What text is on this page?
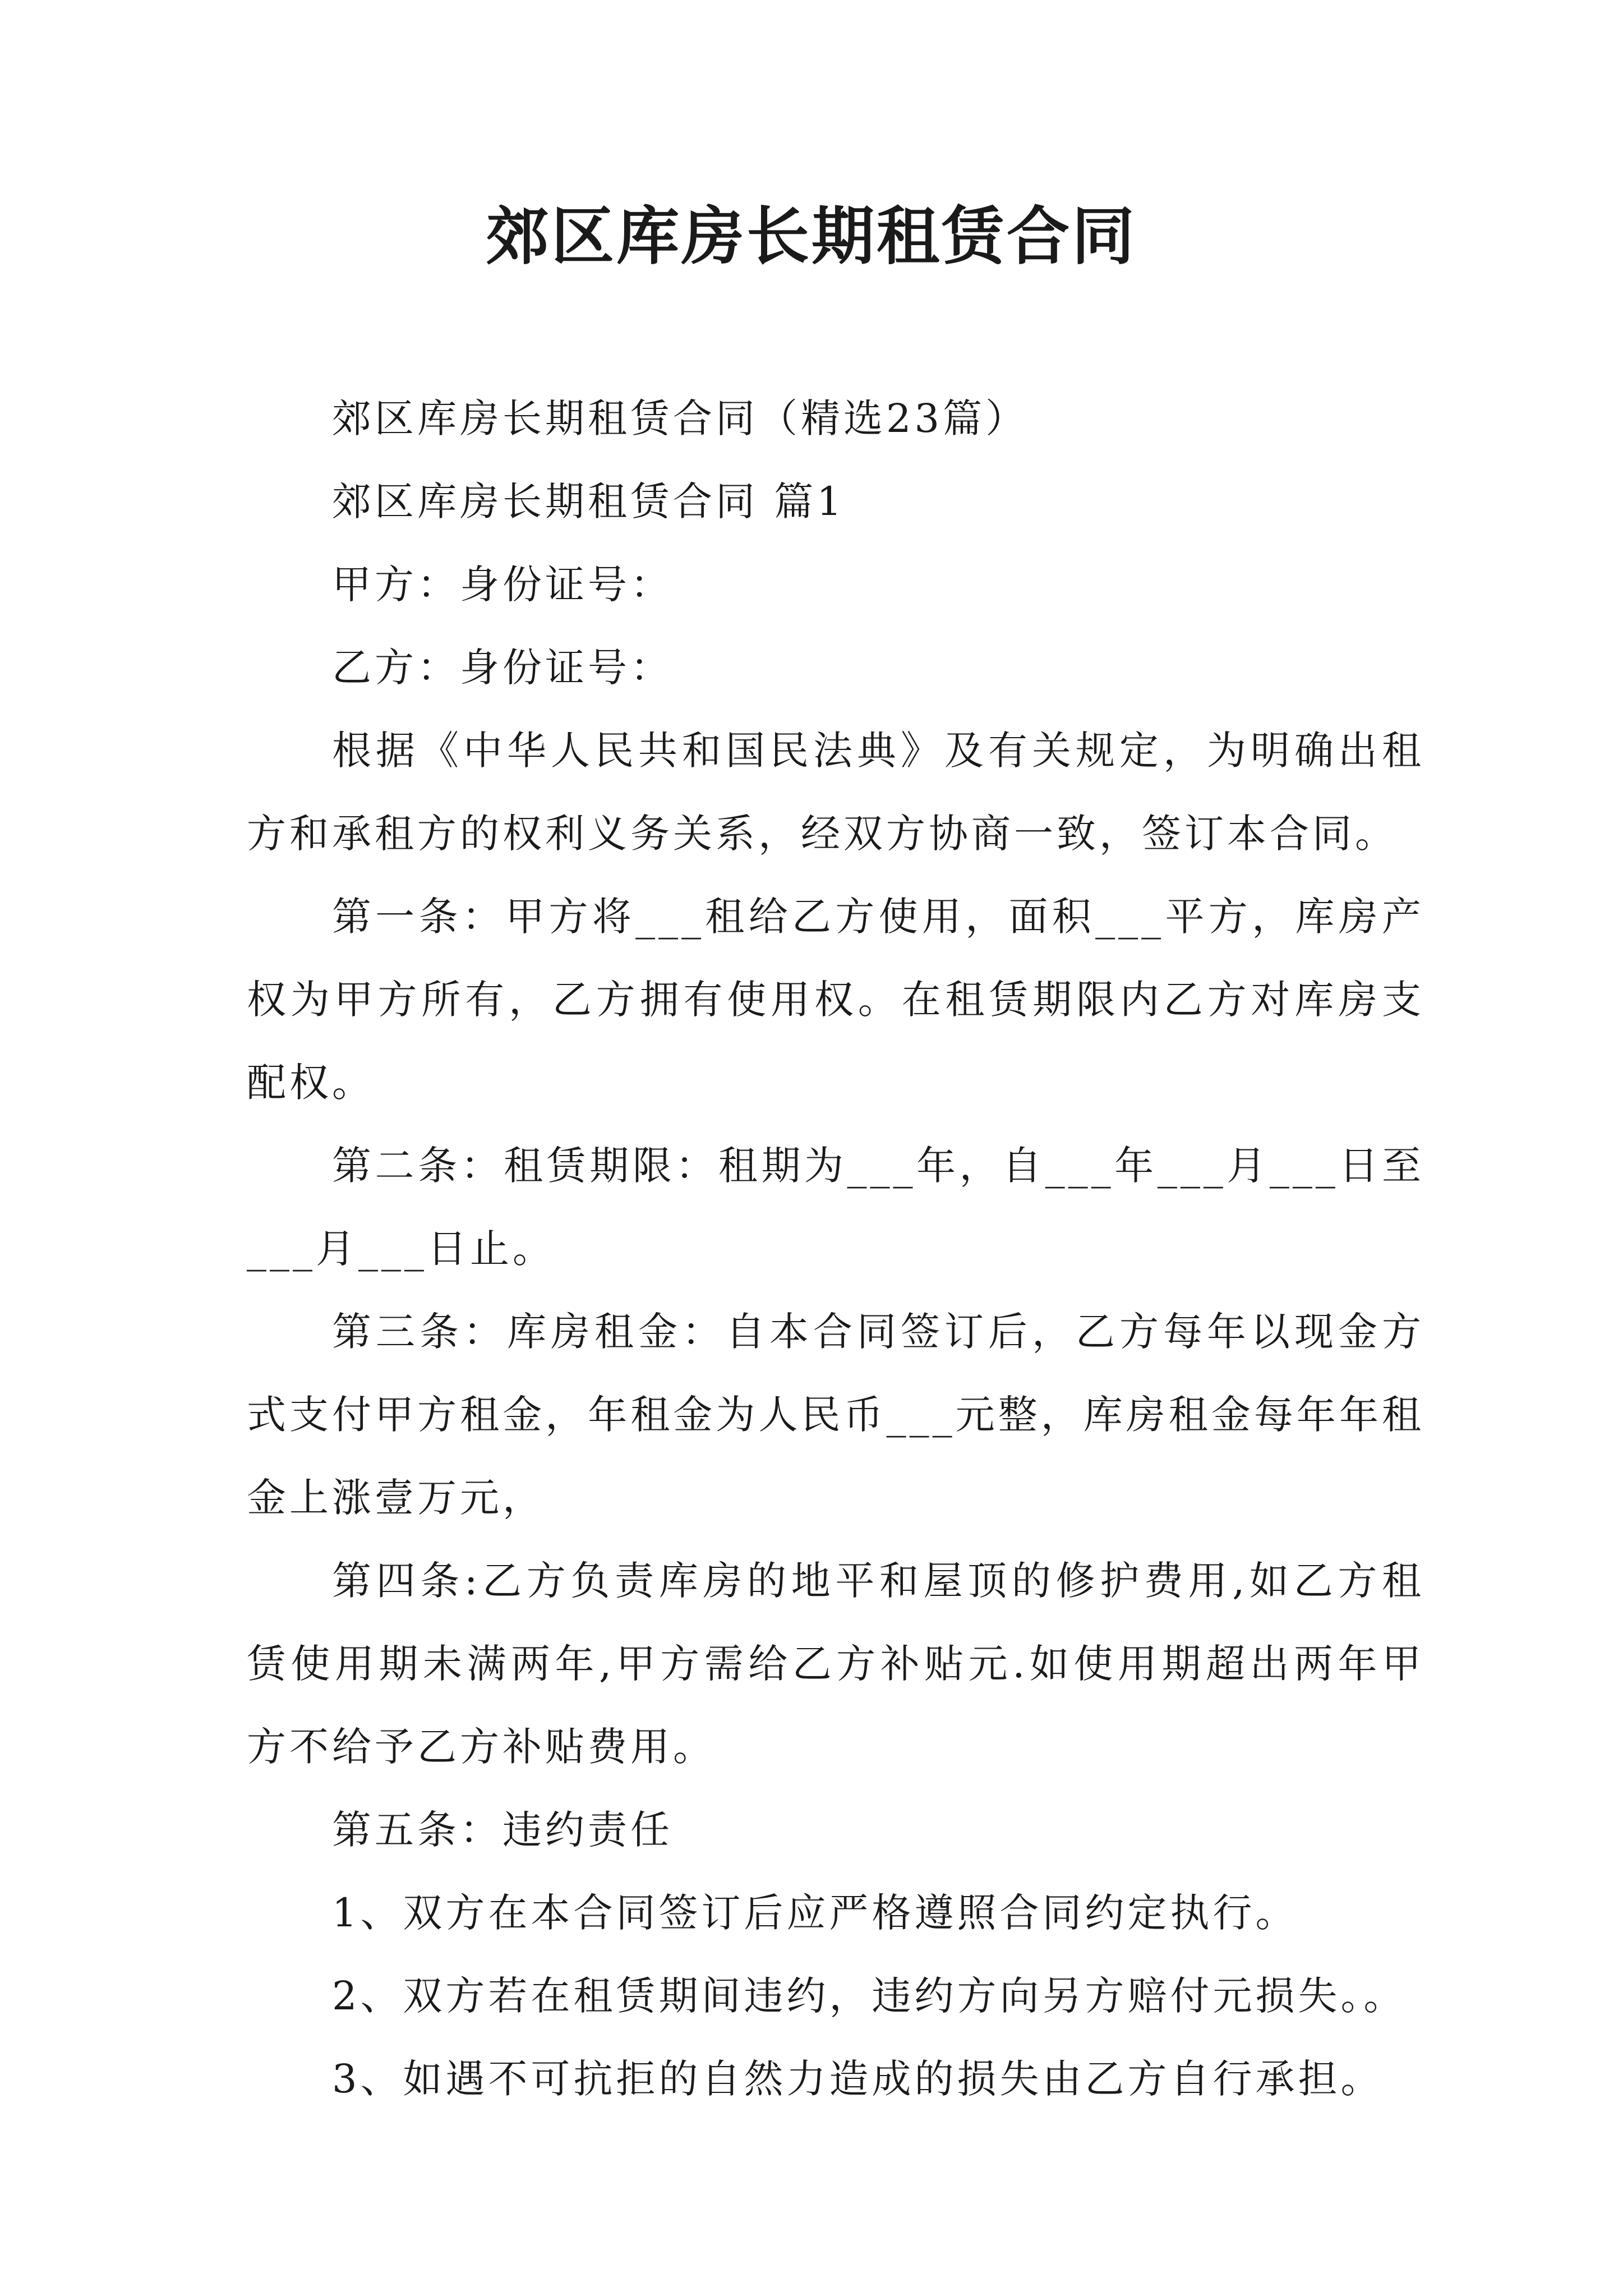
郊区库房长期租赁合同

郊区库房长期租赁合同（精选23篇）

郊区库房长期租赁合同 篇1

甲方：身份证号：

乙方：身份证号：

根据《中华人民共和国民法典》及有关规定，为明确出租方和承租方的权利义务关系，经双方协商一致，签订本合同。

第一条：甲方将___租给乙方使用，面积___平方，库房产权为甲方所有，乙方拥有使用权。在租赁期限内乙方对库房支配权。

第二条：租赁期限：租期为___年，自___年___月___日至___月___日止。

第三条：库房租金：自本合同签订后，乙方每年以现金方式支付甲方租金，年租金为人民币___元整，库房租金每年年租金上涨壹万元，

第四条:乙方负责库房的地平和屋顶的修护费用,如乙方租赁使用期未满两年,甲方需给乙方补贴元.如使用期超出两年甲方不给予乙方补贴费用。

第五条：违约责任

1、双方在本合同签订后应严格遵照合同约定执行。

2、双方若在租赁期间违约，违约方向另方赔付元损失。。

3、如遇不可抗拒的自然力造成的损失由乙方自行承担。
